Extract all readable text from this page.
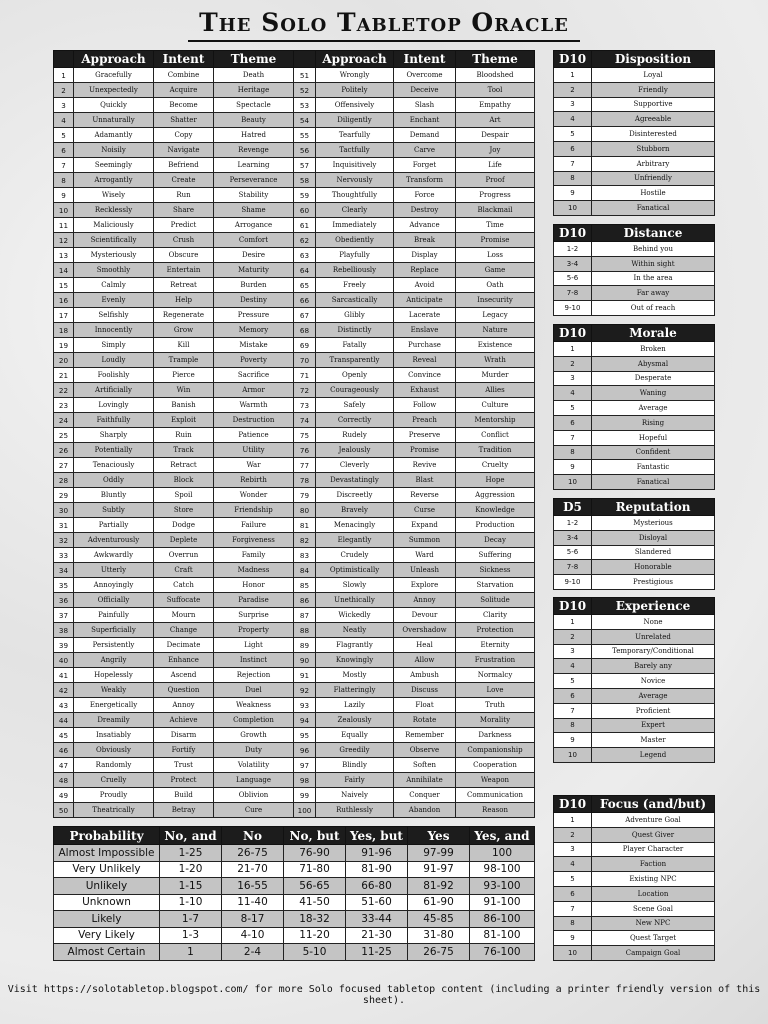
The Solo Tabletop Oracle
	Approach	Intent	Theme		Approach	Intent	Theme
1	Gracefully	Combine	Death	51	Wrongly	Overcome	Bloodshed
2	Unexpectedly	Acquire	Heritage	52	Politely	Deceive	Tool
3	Quickly	Become	Spectacle	53	Offensively	Slash	Empathy
4	Unnaturally	Shatter	Beauty	54	Diligently	Enchant	Art
5	Adamantly	Copy	Hatred	55	Tearfully	Demand	Despair
6	Noisily	Navigate	Revenge	56	Tactfully	Carve	Joy
7	Seemingly	Befriend	Learning	57	Inquisitively	Forget	Life
8	Arrogantly	Create	Perseverance	58	Nervously	Transform	Proof
9	Wisely	Run	Stability	59	Thoughtfully	Force	Progress
10	Recklessly	Share	Shame	60	Clearly	Destroy	Blackmail
11	Maliciously	Predict	Arrogance	61	Immediately	Advance	Time
12	Scientifically	Crush	Comfort	62	Obediently	Break	Promise
13	Mysteriously	Obscure	Desire	63	Playfully	Display	Loss
14	Smoothly	Entertain	Maturity	64	Rebelliously	Replace	Game
15	Calmly	Retreat	Burden	65	Freely	Avoid	Oath
16	Evenly	Help	Destiny	66	Sarcastically	Anticipate	Insecurity
17	Selfishly	Regenerate	Pressure	67	Glibly	Lacerate	Legacy
18	Innocently	Grow	Memory	68	Distinctly	Enslave	Nature
19	Simply	Kill	Mistake	69	Fatally	Purchase	Existence
20	Loudly	Trample	Poverty	70	Transparently	Reveal	Wrath
21	Foolishly	Pierce	Sacrifice	71	Openly	Convince	Murder
22	Artificially	Win	Armor	72	Courageously	Exhaust	Allies
23	Lovingly	Banish	Warmth	73	Safely	Follow	Culture
24	Faithfully	Exploit	Destruction	74	Correctly	Preach	Mentorship
25	Sharply	Ruin	Patience	75	Rudely	Preserve	Conflict
26	Potentially	Track	Utility	76	Jealously	Promise	Tradition
27	Tenaciously	Retract	War	77	Cleverly	Revive	Cruelty
28	Oddly	Block	Rebirth	78	Devastatingly	Blast	Hope
29	Bluntly	Spoil	Wonder	79	Discreetly	Reverse	Aggression
30	Subtly	Store	Friendship	80	Bravely	Curse	Knowledge
31	Partially	Dodge	Failure	81	Menacingly	Expand	Production
32	Adventurously	Deplete	Forgiveness	82	Elegantly	Summon	Decay
33	Awkwardly	Overrun	Family	83	Crudely	Ward	Suffering
34	Utterly	Craft	Madness	84	Optimistically	Unleash	Sickness
35	Annoyingly	Catch	Honor	85	Slowly	Explore	Starvation
36	Officially	Suffocate	Paradise	86	Unethically	Annoy	Solitude
37	Painfully	Mourn	Surprise	87	Wickedly	Devour	Clarity
38	Superficially	Change	Property	88	Neatly	Overshadow	Protection
39	Persistently	Decimate	Light	89	Flagrantly	Heal	Eternity
40	Angrily	Enhance	Instinct	90	Knowingly	Allow	Frustration
41	Hopelessly	Ascend	Rejection	91	Mostly	Ambush	Normalcy
42	Weakly	Question	Duel	92	Flatteringly	Discuss	Love
43	Energetically	Annoy	Weakness	93	Lazily	Float	Truth
44	Dreamily	Achieve	Completion	94	Zealously	Rotate	Morality
45	Insatiably	Disarm	Growth	95	Equally	Remember	Darkness
46	Obviously	Fortify	Duty	96	Greedily	Observe	Companionship
47	Randomly	Trust	Volatility	97	Blindly	Soften	Cooperation
48	Cruelly	Protect	Language	98	Fairly	Annihilate	Weapon
49	Proudly	Build	Oblivion	99	Naively	Conquer	Communication
50	Theatrically	Betray	Cure	100	Ruthlessly	Abandon	Reason
D10	Disposition
1	Loyal
2	Friendly
3	Supportive
4	Agreeable
5	Disinterested
6	Stubborn
7	Arbitrary
8	Unfriendly
9	Hostile
10	Fanatical
D10	Distance
1-2	Behind you
3-4	Within sight
5-6	In the area
7-8	Far away
9-10	Out of reach
D10	Morale
1	Broken
2	Abysmal
3	Desperate
4	Waning
5	Average
6	Rising
7	Hopeful
8	Confident
9	Fantastic
10	Fanatical
D5	Reputation
1-2	Mysterious
3-4	Disloyal
5-6	Slandered
7-8	Honorable
9-10	Prestigious
D10	Experience
1	None
2	Unrelated
3	Temporary/Conditional
4	Barely any
5	Novice
6	Average
7	Proficient
8	Expert
9	Master
10	Legend
D10	Focus (and/but)
1	Adventure Goal
2	Quest Giver
3	Player Character
4	Faction
5	Existing NPC
6	Location
7	Scene Goal
8	New NPC
9	Quest Target
10	Campaign Goal
Probability	No, and	No	No, but	Yes, but	Yes	Yes, and
Almost Impossible	1-25	26-75	76-90	91-96	97-99	100
Very Unlikely	1-20	21-70	71-80	81-90	91-97	98-100
Unlikely	1-15	16-55	56-65	66-80	81-92	93-100
Unknown	1-10	11-40	41-50	51-60	61-90	91-100
Likely	1-7	8-17	18-32	33-44	45-85	86-100
Very Likely	1-3	4-10	11-20	21-30	31-80	81-100
Almost Certain	1	2-4	5-10	11-25	26-75	76-100
Visit https://solotabletop.blogspot.com/ for more Solo focused tabletop content (including a printer friendly version of this sheet).
